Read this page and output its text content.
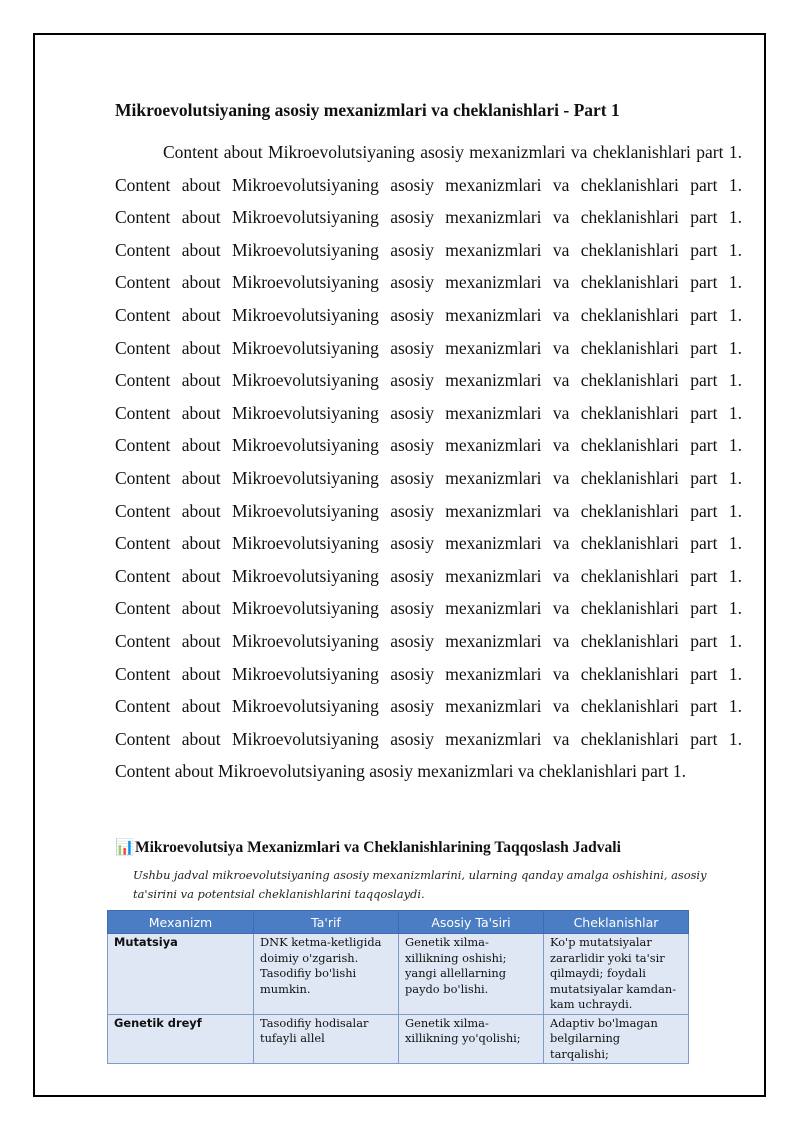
Mikroevolutsiyaning asosiy mexanizmlari va cheklanishlari - Part 1

Content about Mikroevolutsiyaning asosiy mexanizmlari va cheklanishlari part 1. Content about Mikroevolutsiyaning asosiy mexanizmlari va cheklanishlari part 1. Content about Mikroevolutsiyaning asosiy mexanizmlari va cheklanishlari part 1. Content about Mikroevolutsiyaning asosiy mexanizmlari va cheklanishlari part 1. Content about Mikroevolutsiyaning asosiy mexanizmlari va cheklanishlari part 1. Content about Mikroevolutsiyaning asosiy mexanizmlari va cheklanishlari part 1. Content about Mikroevolutsiyaning asosiy mexanizmlari va cheklanishlari part 1. Content about Mikroevolutsiyaning asosiy mexanizmlari va cheklanishlari part 1. Content about Mikroevolutsiyaning asosiy mexanizmlari va cheklanishlari part 1. Content about Mikroevolutsiyaning asosiy mexanizmlari va cheklanishlari part 1. Content about Mikroevolutsiyaning asosiy mexanizmlari va cheklanishlari part 1. Content about Mikroevolutsiyaning asosiy mexanizmlari va cheklanishlari part 1. Content about Mikroevolutsiyaning asosiy mexanizmlari va cheklanishlari part 1. Content about Mikroevolutsiyaning asosiy mexanizmlari va cheklanishlari part 1. Content about Mikroevolutsiyaning asosiy mexanizmlari va cheklanishlari part 1. Content about Mikroevolutsiyaning asosiy mexanizmlari va cheklanishlari part 1. Content about Mikroevolutsiyaning asosiy mexanizmlari va cheklanishlari part 1. Content about Mikroevolutsiyaning asosiy mexanizmlari va cheklanishlari part 1. Content about Mikroevolutsiyaning asosiy mexanizmlari va cheklanishlari part 1. Content about Mikroevolutsiyaning asosiy mexanizmlari va cheklanishlari part 1.

📊Mikroevolutsiya Mexanizmlari va Cheklanishlarining Taqqoslash Jadvali

Ushbu jadval mikroevolutsiyaning asosiy mexanizmlarini, ularning qanday amalga oshishini, asosiy ta'sirini va potentsial cheklanishlarini taqqoslaydi.

Mexanizm	Ta'rif	Asosiy Ta'siri	Cheklanishlar
Mutatsiya	DNK ketma-ketligida doimiy o'zgarish. Tasodifiy bo'lishi mumkin.	Genetik xilma-xillikning oshishi; yangi allellarning paydo bo'lishi.	Ko'p mutatsiyalar zararlidir yoki ta'sir qilmaydi; foydali mutatsiyalar kamdan-kam uchraydi.
Genetik dreyf	Tasodifiy hodisalar tufayli allel	Genetik xilma-xillikning yo'qolishi;	Adaptiv bo'lmagan belgilarning tarqalishi;
